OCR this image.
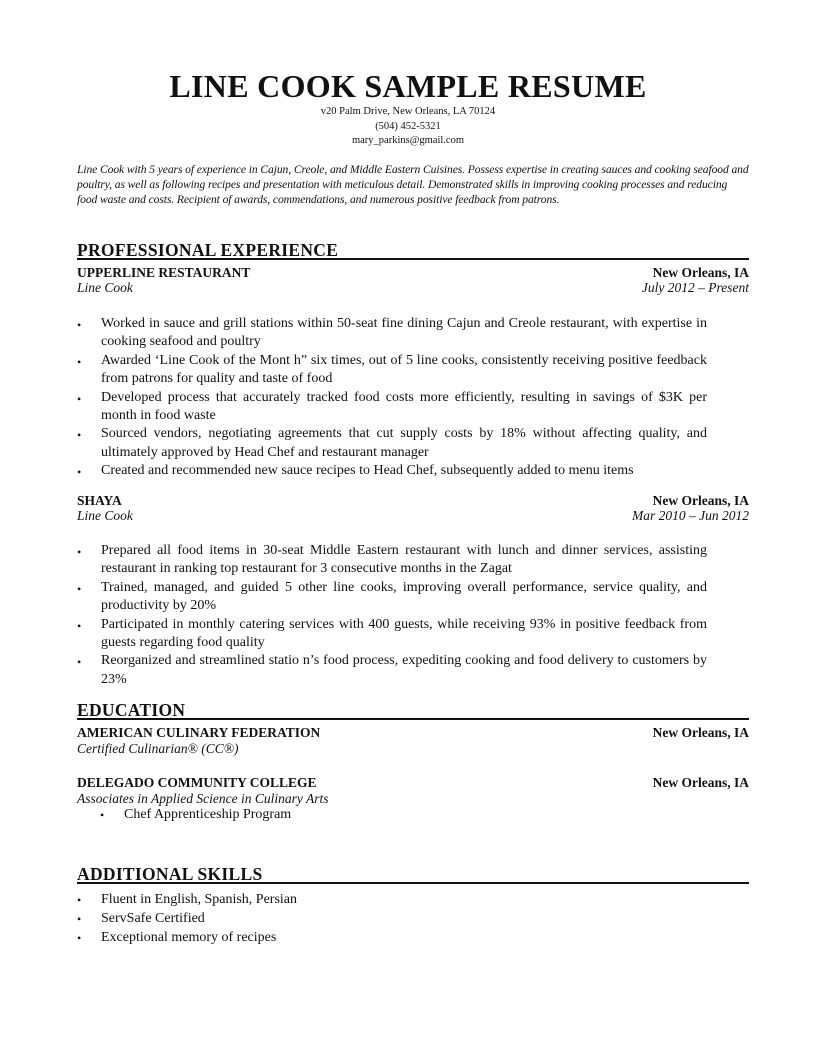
LINE COOK SAMPLE RESUME
v20 Palm Drive, New Orleans, LA 70124
(504) 452-5321
mary_parkins@gmail.com
Line Cook with 5 years of experience in Cajun, Creole, and Middle Eastern Cuisines. Possess expertise in creating sauces and cooking seafood and poultry, as well as following recipes and presentation with meticulous detail. Demonstrated skills in improving cooking processes and reducing food waste and costs. Recipient of awards, commendations, and numerous positive feedback from patrons.
PROFESSIONAL EXPERIENCE
UPPERLINE RESTAURANT	New Orleans, IA
Line Cook	July 2012 – Present
• Worked in sauce and grill stations within 50-seat fine dining Cajun and Creole restaurant, with expertise in cooking seafood and poultry
• Awarded ‘Line Cook of the Mont h” six times, out of 5 line cooks, consistently receiving positive feedback from patrons for quality and taste of food
• Developed process that accurately tracked food costs more efficiently, resulting in savings of $3K per month in food waste
• Sourced vendors, negotiating agreements that cut supply costs by 18% without affecting quality, and ultimately approved by Head Chef and restaurant manager
• Created and recommended new sauce recipes to Head Chef, subsequently added to menu items
SHAYA	New Orleans, IA
Line Cook	Mar 2010 – Jun 2012
• Prepared all food items in 30-seat Middle Eastern restaurant with lunch and dinner services, assisting restaurant in ranking top restaurant for 3 consecutive months in the Zagat
• Trained, managed, and guided 5 other line cooks, improving overall performance, service quality, and productivity by 20%
• Participated in monthly catering services with 400 guests, while receiving 93% in positive feedback from guests regarding food quality
• Reorganized and streamlined statio n’s food process, expediting cooking and food delivery to customers by 23%
EDUCATION
AMERICAN CULINARY FEDERATION	New Orleans, IA
Certified Culinarian® (CC®)
DELEGADO COMMUNITY COLLEGE	New Orleans, IA
Associates in Applied Science in Culinary Arts
• Chef Apprenticeship Program
ADDITIONAL SKILLS
• Fluent in English, Spanish, Persian
• ServSafe Certified
• Exceptional memory of recipes
